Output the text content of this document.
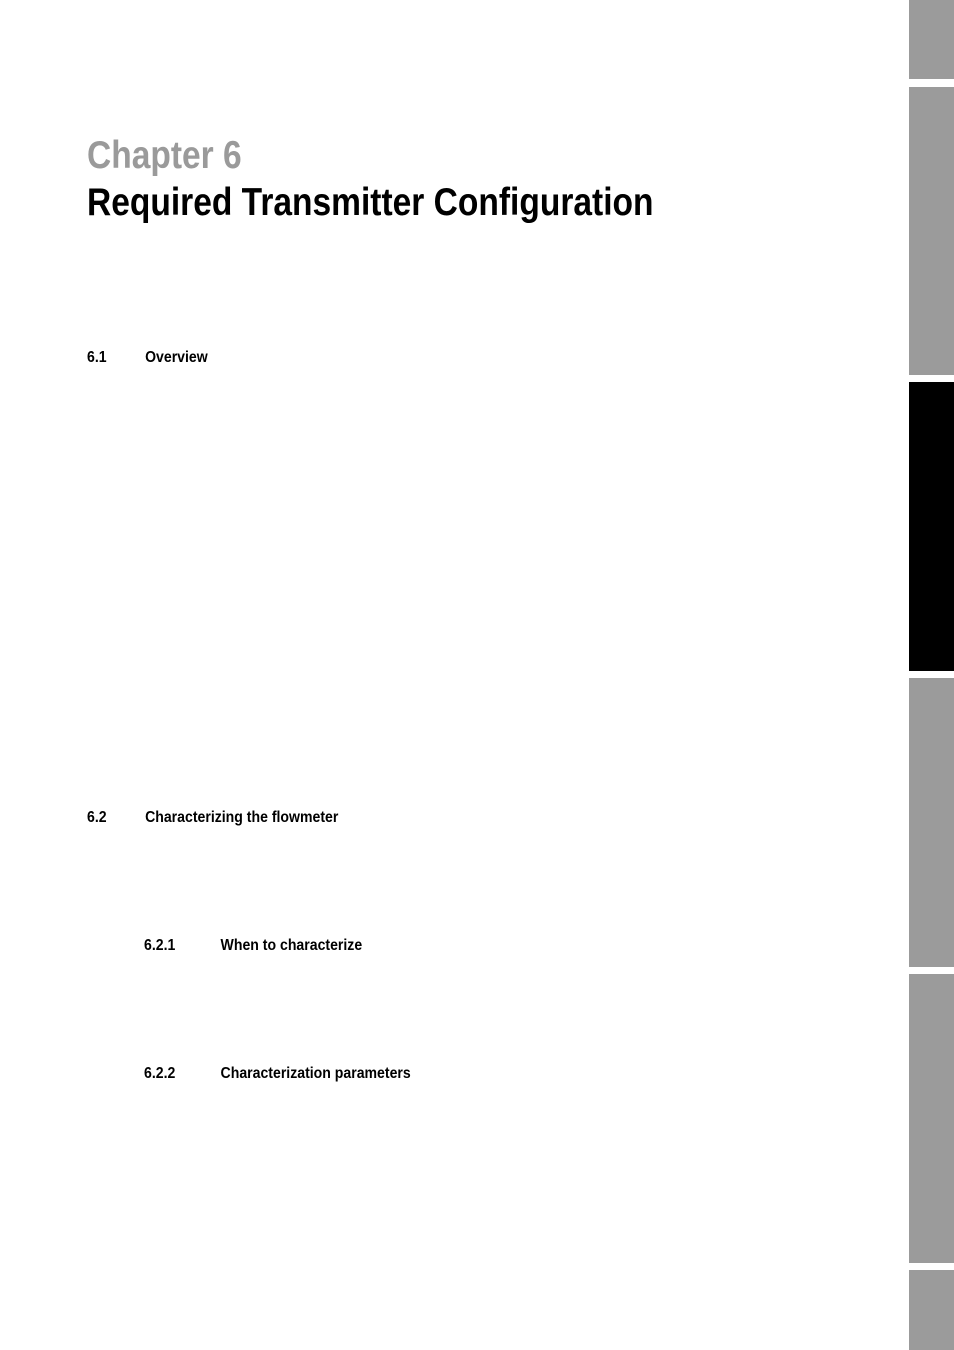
Chapter 6
Required Transmitter Configuration
6.1 Overview
6.2 Characterizing the flowmeter
6.2.1	When to characterize
6.2.2	Characterization parameters
